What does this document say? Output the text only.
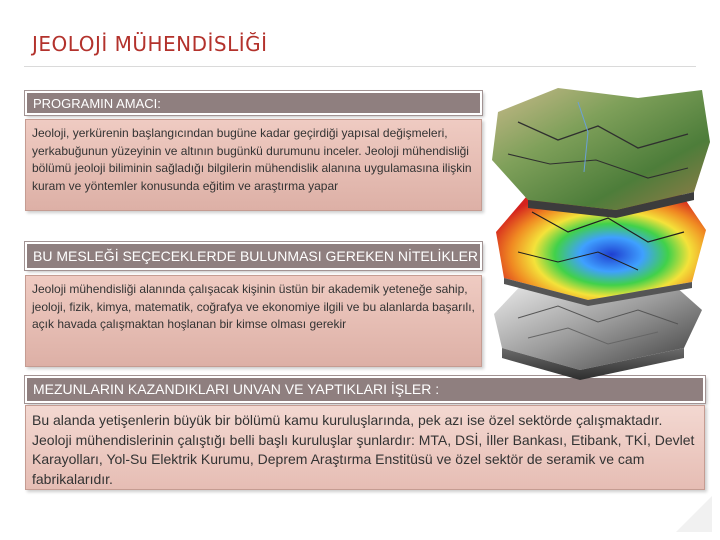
JEOLOJİ MÜHENDİSLİĞİ
PROGRAMIN AMACI:
Jeoloji, yerkürenin başlangıcından bugüne kadar geçirdiği yapısal değişmeleri, yerkabuğunun yüzeyinin ve altının bugünkü durumunu inceler. Jeoloji mühendisliği bölümü jeoloji biliminin sağladığı bilgilerin mühendislik alanına uygulamasına ilişkin kuram ve yöntemler konusunda eğitim ve araştırma yapar
BU MESLEĞİ SEÇECEKLERDE BULUNMASI GEREKEN NİTELİKLER
Jeoloji mühendisliği alanında çalışacak kişinin üstün bir akademik yeteneğe sahip, jeoloji, fizik, kimya, matematik, coğrafya ve ekonomiye ilgili ve bu alanlarda başarılı, açık havada çalışmaktan hoşlanan bir kimse olması gerekir
MEZUNLARIN KAZANDIKLARI UNVAN VE YAPTIKLARI İŞLER :
Bu alanda yetişenlerin büyük bir bölümü kamu kuruluşlarında, pek azı ise özel sektörde çalışmaktadır. Jeoloji mühendislerinin çalıştığı belli başlı kuruluşlar şunlardır: MTA, DSİ, İller Bankası, Etibank, TKİ, Devlet Karayolları, Yol-Su Elektrik Kurumu, Deprem Araştırma Enstitüsü ve özel sektör de seramik ve cam fabrikalarıdır.
